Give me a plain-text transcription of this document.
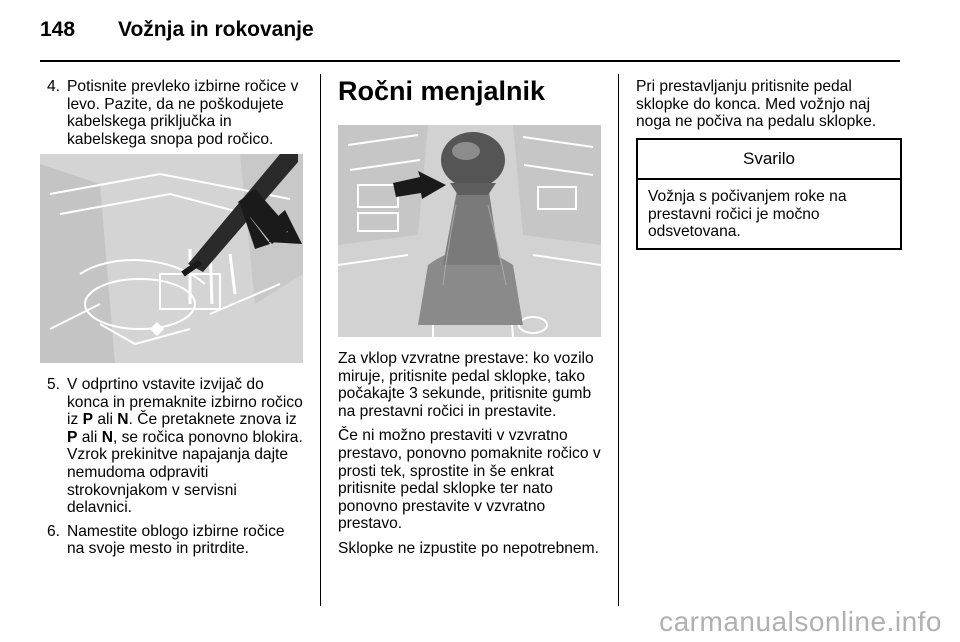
148 Vožnja in rokovanje
4. Potisnite prevleko izbirne ročice v levo. Pazite, da ne poškodujete kabelskega priključka in kabelskega snopa pod ročico.
5. V odprtino vstavite izvijač do konca in premaknite izbirno ročico iz P ali N. Če pretaknete znova iz P ali N, se ročica ponovno blokira. Vzrok prekinitve napajanja dajte nemudoma odpraviti strokovnjakom v servisni delavnici.
6. Namestite oblogo izbirne ročice na svoje mesto in pritrdite.
Ročni menjalnik

Za vklop vzvratne prestave: ko vozilo miruje, pritisnite pedal sklopke, tako počakajte 3 sekunde, pritisnite gumb na prestavni ročici in prestavite.

Če ni možno prestaviti v vzvratno prestavo, ponovno pomaknite ročico v prosti tek, sprostite in še enkrat pritisnite pedal sklopke ter nato ponovno prestavite v vzvratno prestavo.

Sklopke ne izpustite po nepotrebnem.

Pri prestavljanju pritisnite pedal sklopke do konca. Med vožnjo naj noga ne počiva na pedalu sklopke.

Svarilo
Vožnja s počivanjem roke na prestavni ročici je močno odsvetovana.
carmanualsonline.info
